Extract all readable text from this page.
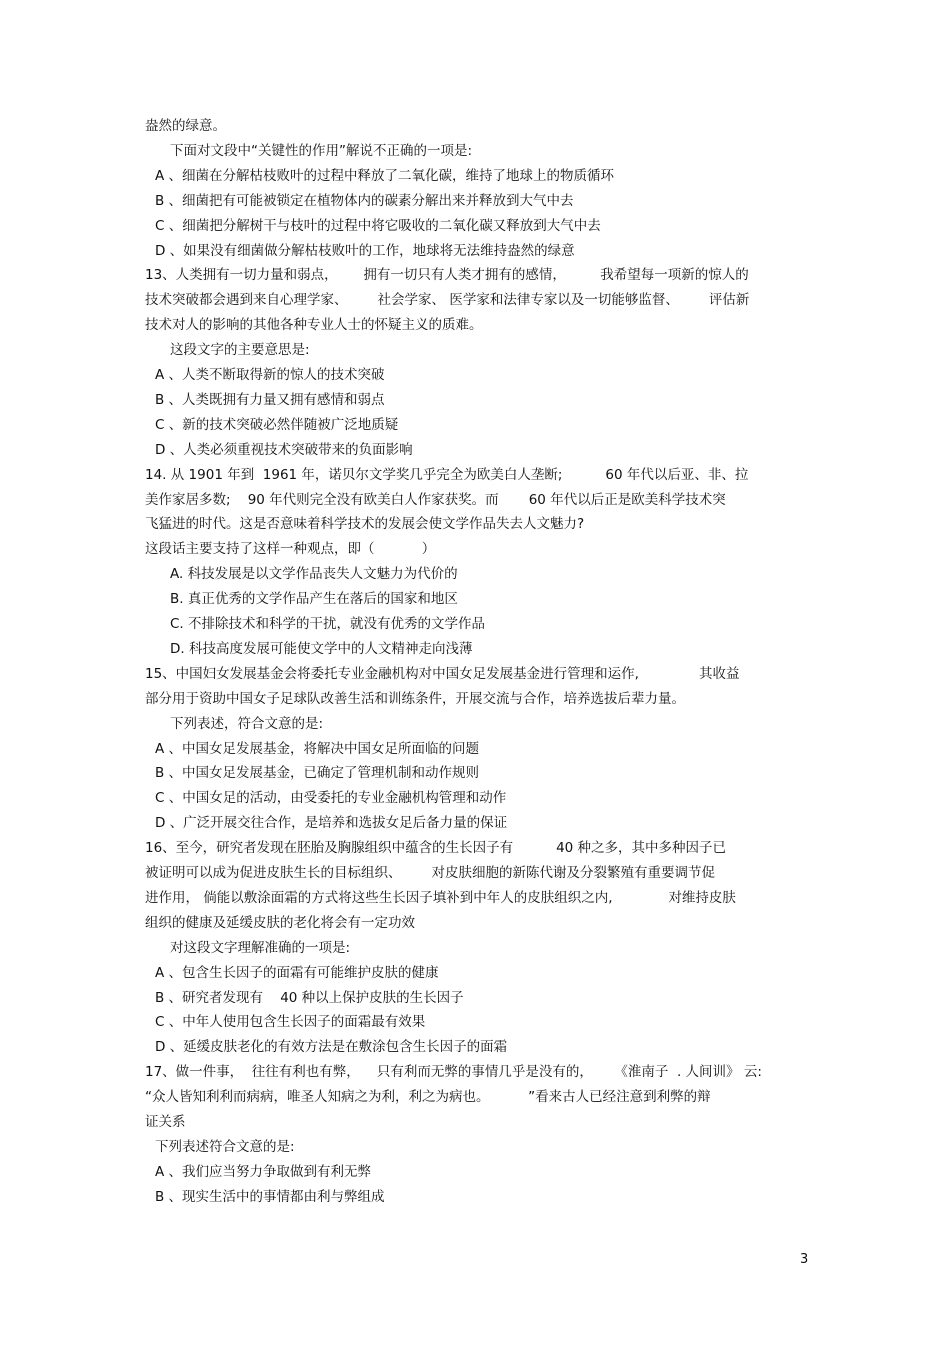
盎然的绿意。
下面对文段中“关键性的作用”解说不正确的一项是:
A 、细菌在分解枯枝败叶的过程中释放了二氧化碳，维持了地球上的物质循环
B 、细菌把有可能被锁定在植物体内的碳素分解出来并释放到大气中去
C 、细菌把分解树干与枝叶的过程中将它吸收的二氧化碳又释放到大气中去
D 、如果没有细菌做分解枯枝败叶的工作，地球将无法维持盎然的绿意
13、人类拥有一切力量和弱点，      拥有一切只有人类才拥有的感情，        我希望每一项新的惊人的
技术突破都会遇到来自心理学家、       社会学家、 医学家和法律专家以及一切能够监督、       评估新
技术对人的影响的其他各种专业人士的怀疑主义的质难。
这段文字的主要意思是:
A 、人类不断取得新的惊人的技术突破
B 、人类既拥有力量又拥有感情和弱点
C 、新的技术突破必然伴随被广泛地质疑
D 、人类必须重视技术突破带来的负面影响
14. 从 1901 年到  1961 年，诺贝尔文学奖几乎完全为欧美白人垄断;          60 年代以后亚、非、拉
美作家居多数;    90 年代则完全没有欧美白人作家获奖。而       60 年代以后正是欧美科学技术突
飞猛进的时代。这是否意味着科学技术的发展会使文学作品失去人文魅力?
这段话主要支持了这样一种观点，即（           ）
A. 科技发展是以文学作品丧失人文魅力为代价的
B. 真正优秀的文学作品产生在落后的国家和地区
C. 不排除技术和科学的干扰，就没有优秀的文学作品
D. 科技高度发展可能使文学中的人文精神走向浅薄
15、中国妇女发展基金会将委托专业金融机构对中国女足发展基金进行管理和运作,              其收益
部分用于资助中国女子足球队改善生活和训练条件，开展交流与合作，培养选拔后辈力量。
下列表述，符合文意的是:
A 、中国女足发展基金，将解决中国女足所面临的问题
B 、中国女足发展基金，已确定了管理机制和动作规则
C 、中国女足的活动，由受委托的专业金融机构管理和动作
D 、广泛开展交往合作，是培养和选拔女足后备力量的保证
16、至今，研究者发现在胚胎及胸腺组织中蕴含的生长因子有          40 种之多，其中多种因子已
被证明可以成为促进皮肤生长的目标组织、       对皮肤细胞的新陈代谢及分裂繁殖有重要调节促
进作用， 倘能以敷涂面霜的方式将这些生长因子填补到中年人的皮肤组织之内,             对维持皮肤
组织的健康及延缓皮肤的老化将会有一定功效
对这段文字理解准确的一项是:
A 、包含生长因子的面霜有可能维护皮肤的健康
B 、研究者发现有    40 种以上保护皮肤的生长因子
C 、中年人使用包含生长因子的面霜最有效果
D 、延缓皮肤老化的有效方法是在敷涂包含生长因子的面霜
17、做一件事，  往往有利也有弊，    只有利而无弊的事情几乎是没有的，     《淮南子  . 人间训》 云:
“众人皆知利利而病病，唯圣人知病之为利，利之为病也。         ”看来古人已经注意到利弊的辩
证关系
下列表述符合文意的是:
A 、我们应当努力争取做到有利无弊
B 、现实生活中的事情都由利与弊组成
3
